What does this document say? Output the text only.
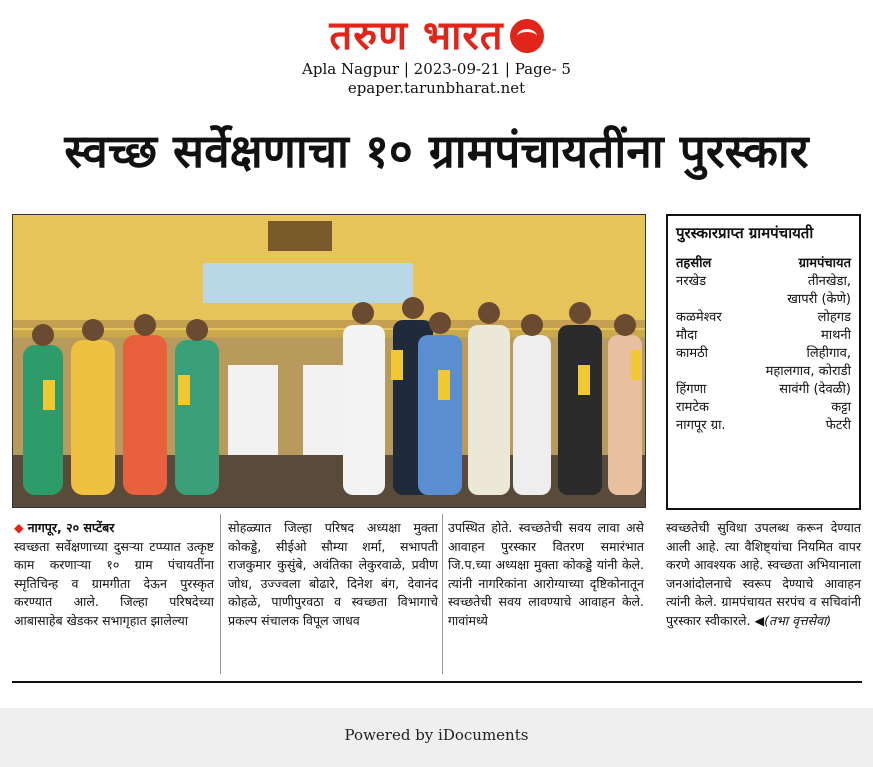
तरुण भारत
Apla Nagpur | 2023-09-21 | Page- 5
epaper.tarunbharat.net
स्वच्छ सर्वेक्षणाचा १० ग्रामपंचायतींना पुरस्कार
पुरस्कारप्राप्त ग्रामपंचायती
तहसील	ग्रामपंचायत
नरखेड	तीनखेडा,
खापरी (केणे)
कळमेश्वर	लोहगड
मौदा	माथनी
कामठी	लिहीगाव,
महालगाव, कोराडी
हिंगणा	सावंगी (देवळी)
रामटेक	कट्टा
नागपूर ग्रा.	फेटरी
◆ नागपूर, २० सप्टेंबर
स्वच्छता सर्वेक्षणाच्या दुसऱ्या टप्प्यात उत्कृष्ट काम करणाऱ्या १० ग्राम पंचायतींना स्मृतिचिन्ह व ग्रामगीता देऊन पुरस्कृत करण्यात आले. जिल्हा परिषदेच्या आबासाहेब खेडकर सभागृहात झालेल्या
सोहळ्यात जिल्हा परिषद अध्यक्षा मुक्ता कोकड्डे, सीईओ सौम्या शर्मा, सभापती राजकुमार कुसुंबे, अवंतिका लेकुरवाळे, प्रवीण जोध, उज्ज्वला बोढारे, दिनेश बंग, देवानंद कोहळे, पाणीपुरवठा व स्वच्छता विभागाचे प्रकल्प संचालक विपूल जाधव
उपस्थित होते. स्वच्छतेची सवय लावा असे आवाहन पुरस्कार वितरण समारंभात जि.प.च्या अध्यक्षा मुक्ता कोकड्डे यांनी केले. त्यांनी नागरिकांना आरोग्याच्या दृष्टिकोनातून स्वच्छतेची सवय लावण्याचे आवाहन केले. गावांमध्ये
स्वच्छतेची सुविधा उपलब्ध करून देण्यात आली आहे. त्या वैशिष्ट्यांचा नियमित वापर करणे आवश्यक आहे. स्वच्छता अभियानाला जनआंदोलनाचे स्वरूप देण्याचे आवाहन त्यांनी केले. ग्रामपंचायत सरपंच व सचिवांनी पुरस्कार स्वीकारले. ◀(तभा वृत्तसेवा)
Powered by iDocuments
